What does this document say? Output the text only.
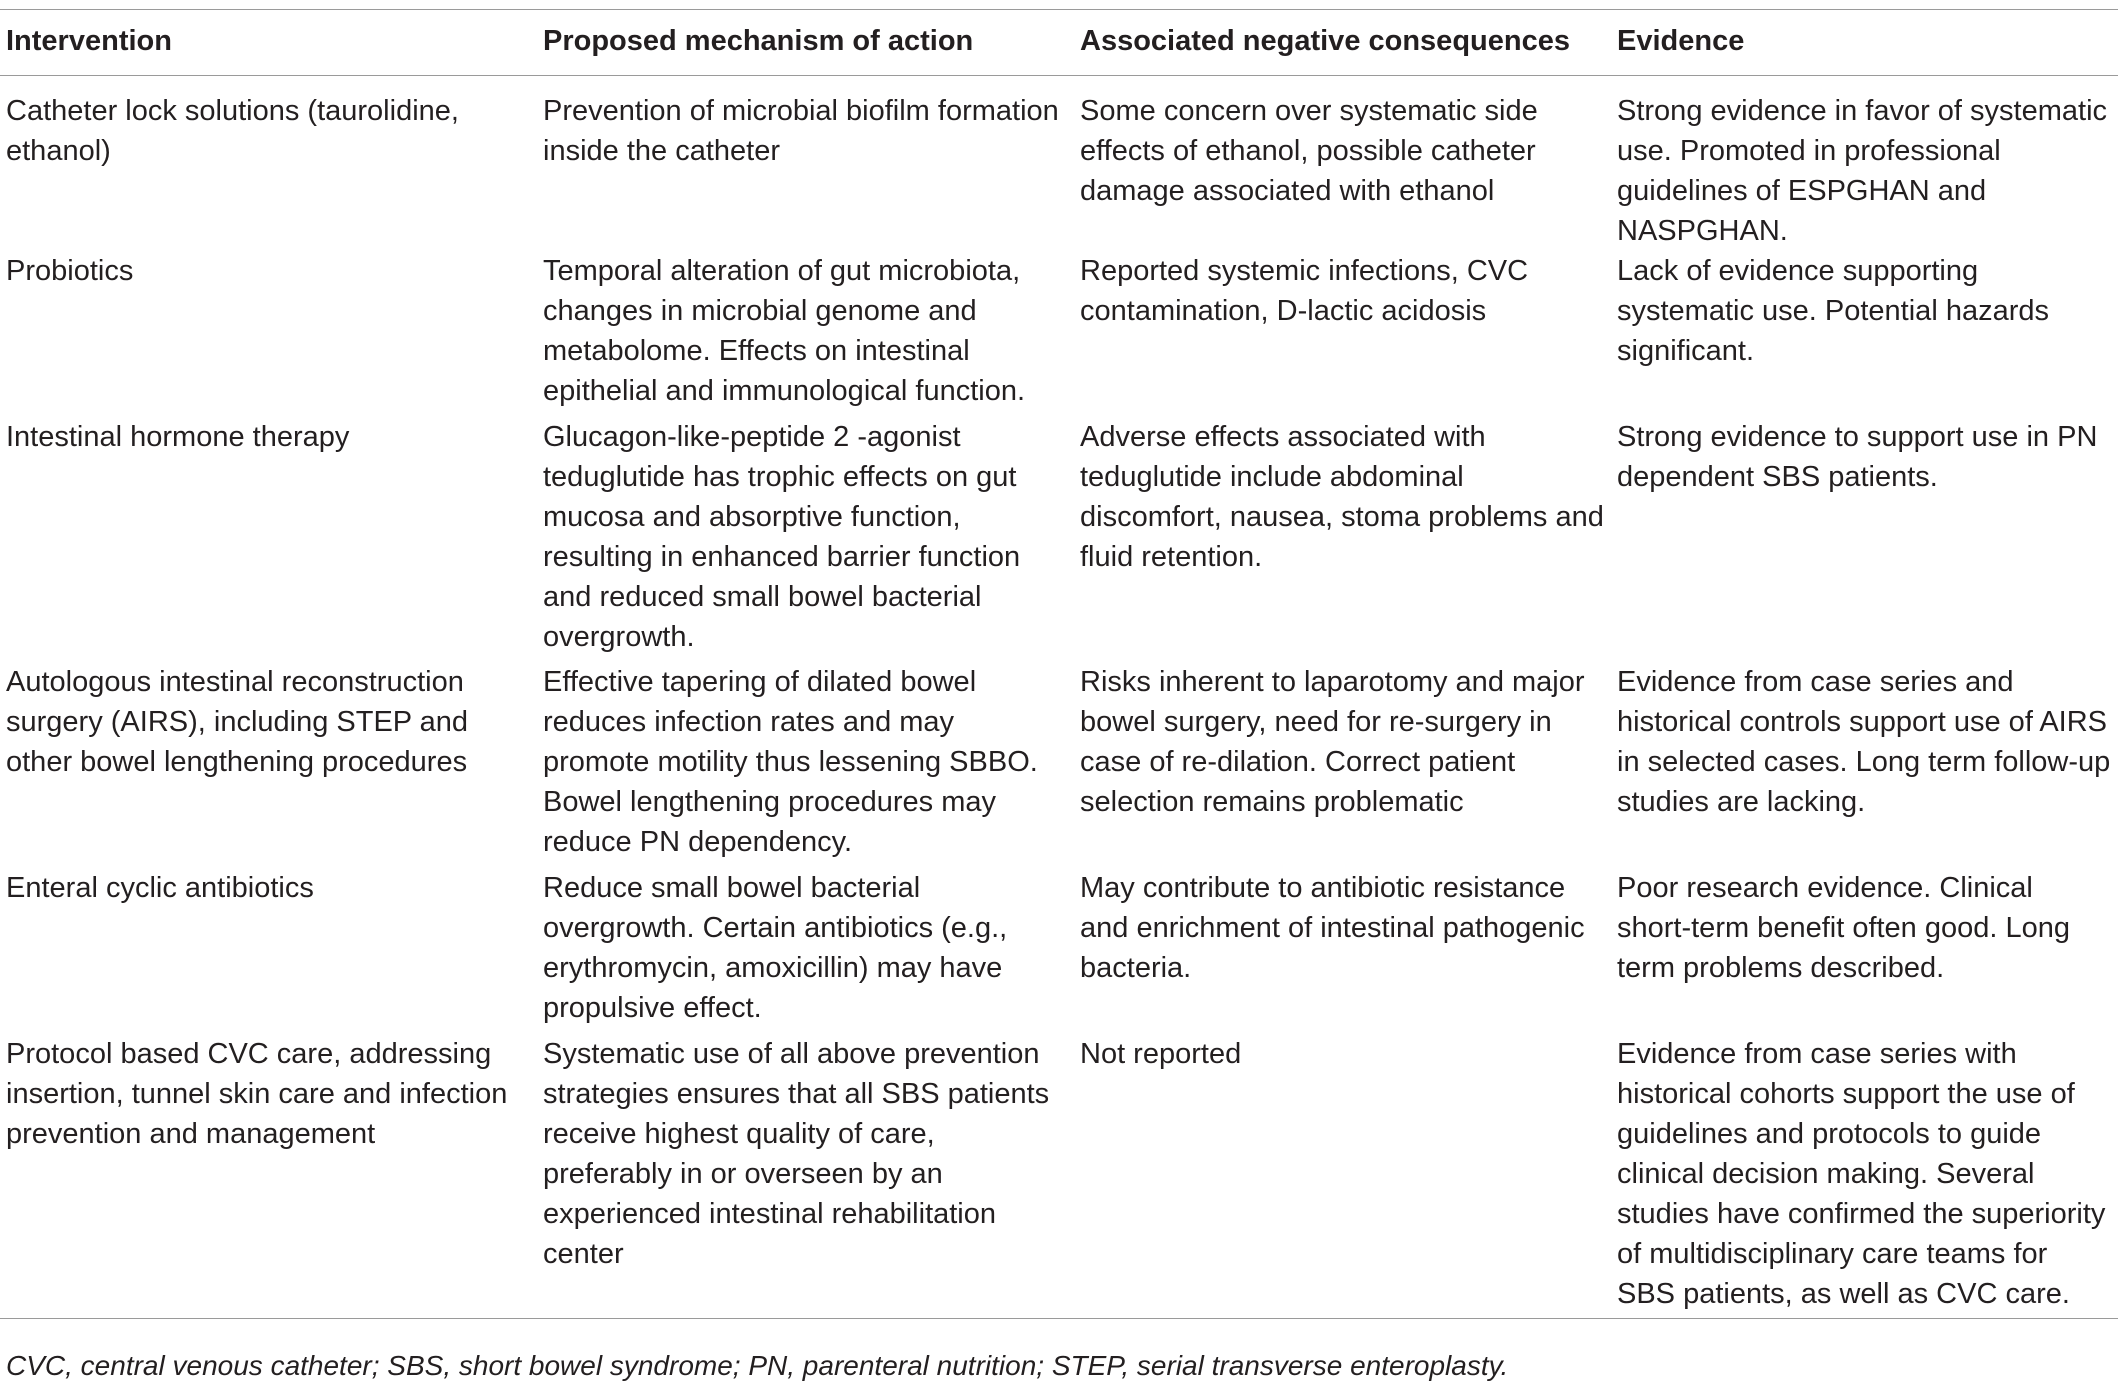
Intervention	Proposed mechanism of action	Associated negative consequences	Evidence
Catheter lock solutions (taurolidine, ethanol)	Prevention of microbial biofilm formation inside the catheter	Some concern over systematic side effects of ethanol, possible catheter damage associated with ethanol	Strong evidence in favor of systematic use. Promoted in professional guidelines of ESPGHAN and NASPGHAN.
Probiotics	Temporal alteration of gut microbiota, changes in microbial genome and metabolome. Effects on intestinal epithelial and immunological function.	Reported systemic infections, CVC contamination, D-lactic acidosis	Lack of evidence supporting systematic use. Potential hazards significant.
Intestinal hormone therapy	Glucagon-like-peptide 2 -agonist teduglutide has trophic effects on gut mucosa and absorptive function, resulting in enhanced barrier function and reduced small bowel bacterial overgrowth.	Adverse effects associated with teduglutide include abdominal discomfort, nausea, stoma problems and fluid retention.	Strong evidence to support use in PN dependent SBS patients.
Autologous intestinal reconstruction surgery (AIRS), including STEP and other bowel lengthening procedures	Effective tapering of dilated bowel reduces infection rates and may promote motility thus lessening SBBO. Bowel lengthening procedures may reduce PN dependency.	Risks inherent to laparotomy and major bowel surgery, need for re-surgery in case of re-dilation. Correct patient selection remains problematic	Evidence from case series and historical controls support use of AIRS in selected cases. Long term follow-up studies are lacking.
Enteral cyclic antibiotics	Reduce small bowel bacterial overgrowth. Certain antibiotics (e.g., erythromycin, amoxicillin) may have propulsive effect.	May contribute to antibiotic resistance and enrichment of intestinal pathogenic bacteria.	Poor research evidence. Clinical short-term benefit often good. Long term problems described.
Protocol based CVC care, addressing insertion, tunnel skin care and infection prevention and management	Systematic use of all above prevention strategies ensures that all SBS patients receive highest quality of care, preferably in or overseen by an experienced intestinal rehabilitation center	Not reported	Evidence from case series with historical cohorts support the use of guidelines and protocols to guide clinical decision making. Several studies have confirmed the superiority of multidisciplinary care teams for SBS patients, as well as CVC care.
CVC, central venous catheter; SBS, short bowel syndrome; PN, parenteral nutrition; STEP, serial transverse enteroplasty.
